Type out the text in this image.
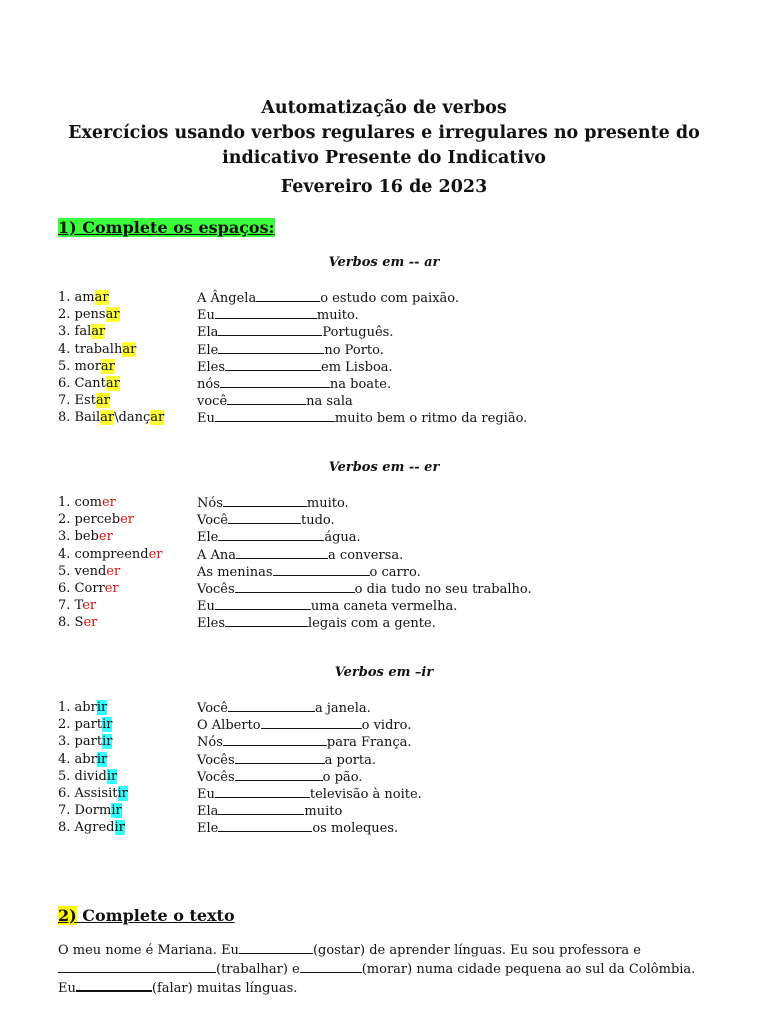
Automatização de verbos
Exercícios usando verbos regulares e irregulares no presente do
indicativo Presente do Indicativo
Fevereiro 16 de 2023
1) Complete os espaços:
Verbos em -- ar
1. amar	A Ângela	o estudo com paixão.
2. pensar	Eu	muito.
3. falar	Ela	Português.
4. trabalhar	Ele	no Porto.
5. morar	Eles	em Lisboa.
6. Cantar	nós	na boate.
7. Estar	você	na sala
8. Bailar\dançar	Eu	muito bem o ritmo da região.
Verbos em -- er
1. comer	Nós	muito.
2. perceber	Você	tudo.
3. beber	Ele	água.
4. compreender	A Ana	a conversa.
5. vender	As meninas	o carro.
6. Correr	Vocês	o dia tudo no seu trabalho.
7. Ter	Eu	uma caneta vermelha.
8. Ser	Eles	legais com a gente.
Verbos em –ir
1. abrir	Você	a janela.
2. partir	O Alberto	o vidro.
3. partir	Nós	para França.
4. abrir	Vocês	a porta.
5. dividir	Vocês	o pão.
6. Assisitir	Eu	televisão à noite.
7. Dormir	Ela	muito
8. Agredir	Ele	os moleques.
2) Complete o texto
O meu nome é Mariana. Eu	(gostar) de aprender línguas. Eu sou professora e
(trabalhar) e	(morar) numa cidade pequena ao sul da Colômbia.
Eu	(falar) muitas línguas.
